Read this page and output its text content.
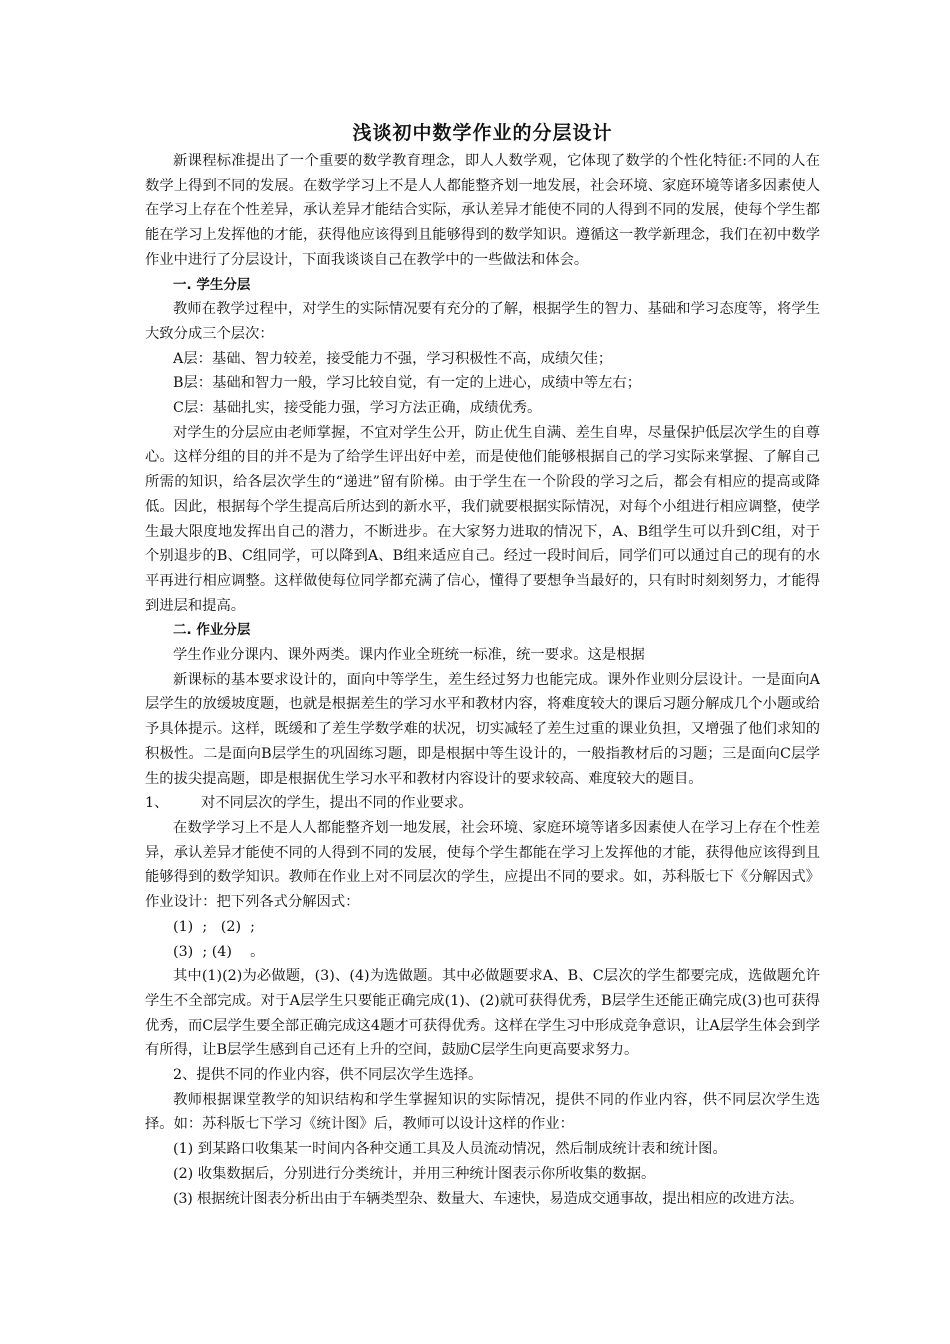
浅谈初中数学作业的分层设计

新课程标准提出了一个重要的数学教育理念，即人人数学观，它体现了数学的个性化特征:不同的人在数学上得到不同的发展。在数学学习上不是人人都能整齐划一地发展，社会环境、家庭环境等诸多因素使人在学习上存在个性差异，承认差异才能结合实际，承认差异才能使不同的人得到不同的发展，使每个学生都能在学习上发挥他的才能，获得他应该得到且能够得到的数学知识。遵循这一教学新理念，我们在初中数学作业中进行了分层设计，下面我谈谈自己在教学中的一些做法和体会。

一. 学生分层

教师在教学过程中，对学生的实际情况要有充分的了解，根据学生的智力、基础和学习态度等，将学生大致分成三个层次：

A层：基础、智力较差，接受能力不强，学习积极性不高，成绩欠佳；

B层：基础和智力一般，学习比较自觉，有一定的上进心，成绩中等左右；

C层：基础扎实，接受能力强，学习方法正确，成绩优秀。

对学生的分层应由老师掌握，不宜对学生公开，防止优生自满、差生自卑，尽量保护低层次学生的自尊心。这样分组的目的并不是为了给学生评出好中差，而是使他们能够根据自己的学习实际来掌握、了解自己所需的知识，给各层次学生的“递进”留有阶梯。由于学生在一个阶段的学习之后，都会有相应的提高或降低。因此，根据每个学生提高后所达到的新水平，我们就要根据实际情况，对每个小组进行相应调整，使学生最大限度地发挥出自己的潜力，不断进步。在大家努力进取的情况下，A、B组学生可以升到C组，对于个别退步的B、C组同学，可以降到A、B组来适应自己。经过一段时间后，同学们可以通过自己的现有的水平再进行相应调整。这样做使每位同学都充满了信心，懂得了要想争当最好的，只有时时刻刻努力，才能得到进层和提高。

二. 作业分层

学生作业分课内、课外两类。课内作业全班统一标准，统一要求。这是根据

新课标的基本要求设计的，面向中等学生，差生经过努力也能完成。课外作业则分层设计。一是面向A层学生的放缓坡度题，也就是根据差生的学习水平和教材内容，将难度较大的课后习题分解成几个小题或给予具体提示。这样，既缓和了差生学数学难的状况，切实减轻了差生过重的课业负担，又增强了他们求知的积极性。二是面向B层学生的巩固练习题，即是根据中等生设计的，一般指教材后的习题；三是面向C层学生的拔尖提高题，即是根据优生学习水平和教材内容设计的要求较高、难度较大的题目。

1、 对不同层次的学生，提出不同的作业要求。

在数学学习上不是人人都能整齐划一地发展，社会环境、家庭环境等诸多因素使人在学习上存在个性差异，承认差异才能使不同的人得到不同的发展，使每个学生都能在学习上发挥他的才能，获得他应该得到且能够得到的数学知识。教师在作业上对不同层次的学生，应提出不同的要求。如，苏科版七下《分解因式》作业设计：把下列各式分解因式：

(1)  ;   (2)  ;

(3)  ; (4)    。

其中(1)(2)为必做题，(3)、(4)为选做题。其中必做题要求A、B、C层次的学生都要完成，选做题允许学生不全部完成。对于A层学生只要能正确完成(1)、(2)就可获得优秀，B层学生还能正确完成(3)也可获得优秀，而C层学生要全部正确完成这4题才可获得优秀。这样在学生习中形成竞争意识，让A层学生体会到学有所得，让B层学生感到自己还有上升的空间，鼓励C层学生向更高要求努力。

2、提供不同的作业内容，供不同层次学生选择。

教师根据课堂教学的知识结构和学生掌握知识的实际情况，提供不同的作业内容，供不同层次学生选择。如：苏科版七下学习《统计图》后，教师可以设计这样的作业：

(1) 到某路口收集某一时间内各种交通工具及人员流动情况，然后制成统计表和统计图。

(2) 收集数据后，分别进行分类统计，并用三种统计图表示你所收集的数据。

(3) 根据统计图表分析出由于车辆类型杂、数量大、车速快，易造成交通事故，提出相应的改进方法。
